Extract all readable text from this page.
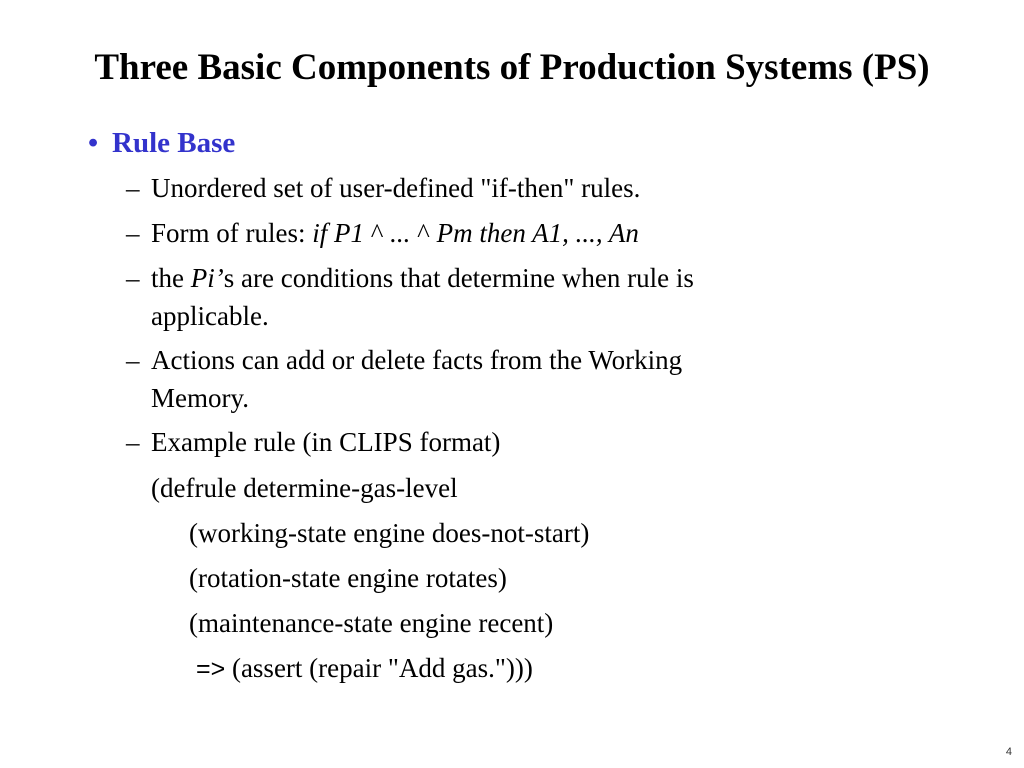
Three Basic Components of Production Systems (PS)
• Rule Base
– Unordered set of user-defined "if-then" rules.
– Form of rules: if P1 ^ ... ^ Pm then A1, ..., An
– the Pi’s are conditions that determine when rule is
applicable.
– Actions can add or delete facts from the Working
Memory.
– Example rule (in CLIPS format)
(defrule determine-gas-level
(working-state engine does-not-start)
(rotation-state engine rotates)
(maintenance-state engine recent)
=> (assert (repair "Add gas.")))
4
